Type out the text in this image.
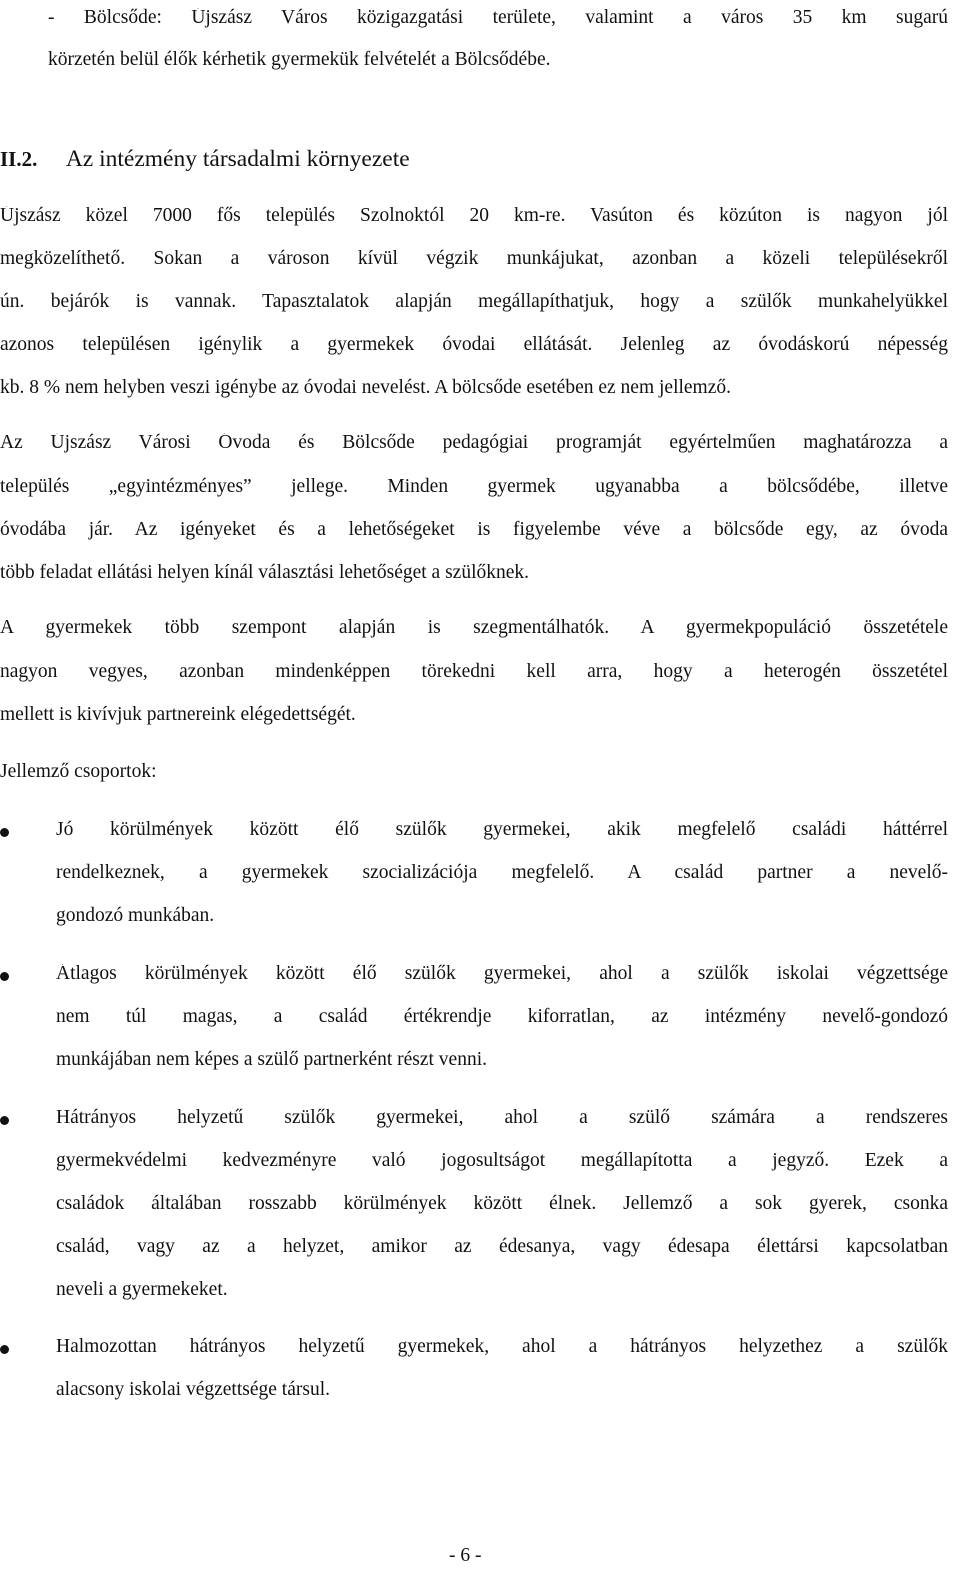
- Bölcsőde: Újszász Város közigazgatási területe, valamint a város 35 km sugarú
körzetén belül élők kérhetik gyermekük felvételét a Bölcsődébe.
II.2. Az intézmény társadalmi környezete
Újszász közel 7000 fős település Szolnoktól 20 km-re. Vasúton és közúton is nagyon jól
megközelíthető. Sokan a városon kívül végzik munkájukat, azonban a közeli településekről
ún. bejárók is vannak. Tapasztalatok alapján megállapíthatjuk, hogy a szülők munkahelyükkel
azonos településen igénylik a gyermekek óvodai ellátását. Jelenleg az óvodáskorú népesség
kb. 8 % nem helyben veszi igénybe az óvodai nevelést. A bölcsőde esetében ez nem jellemző.
Az Újszász Városi Óvoda és Bölcsőde pedagógiai programját egyértelműen maghatározza a
település „egyintézményes” jellege. Minden gyermek ugyanabba a bölcsődébe, illetve
óvodába jár. Az igényeket és a lehetőségeket is figyelembe véve a bölcsőde egy, az óvoda
több feladat ellátási helyen kínál választási lehetőséget a szülőknek.
A gyermekek több szempont alapján is szegmentálhatók. A gyermekpopuláció összetétele
nagyon vegyes, azonban mindenképpen törekedni kell arra, hogy a heterogén összetétel
mellett is kivívjuk partnereink elégedettségét.
Jellemző csoportok:
Jó körülmények között élő szülők gyermekei, akik megfelelő családi háttérrel
rendelkeznek, a gyermekek szocializációja megfelelő. A család partner a nevelő-
gondozó munkában.
Átlagos körülmények között élő szülők gyermekei, ahol a szülők iskolai végzettsége
nem túl magas, a család értékrendje kiforratlan, az intézmény nevelő-gondozó
munkájában nem képes a szülő partnerként részt venni.
Hátrányos helyzetű szülők gyermekei, ahol a szülő számára a rendszeres
gyermekvédelmi kedvezményre való jogosultságot megállapította a jegyző. Ezek a
családok általában rosszabb körülmények között élnek. Jellemző a sok gyerek, csonka
család, vagy az a helyzet, amikor az édesanya, vagy édesapa élettársi kapcsolatban
neveli a gyermekeket.
Halmozottan hátrányos helyzetű gyermekek, ahol a hátrányos helyzethez a szülők
alacsony iskolai végzettsége társul.
- 6 -
